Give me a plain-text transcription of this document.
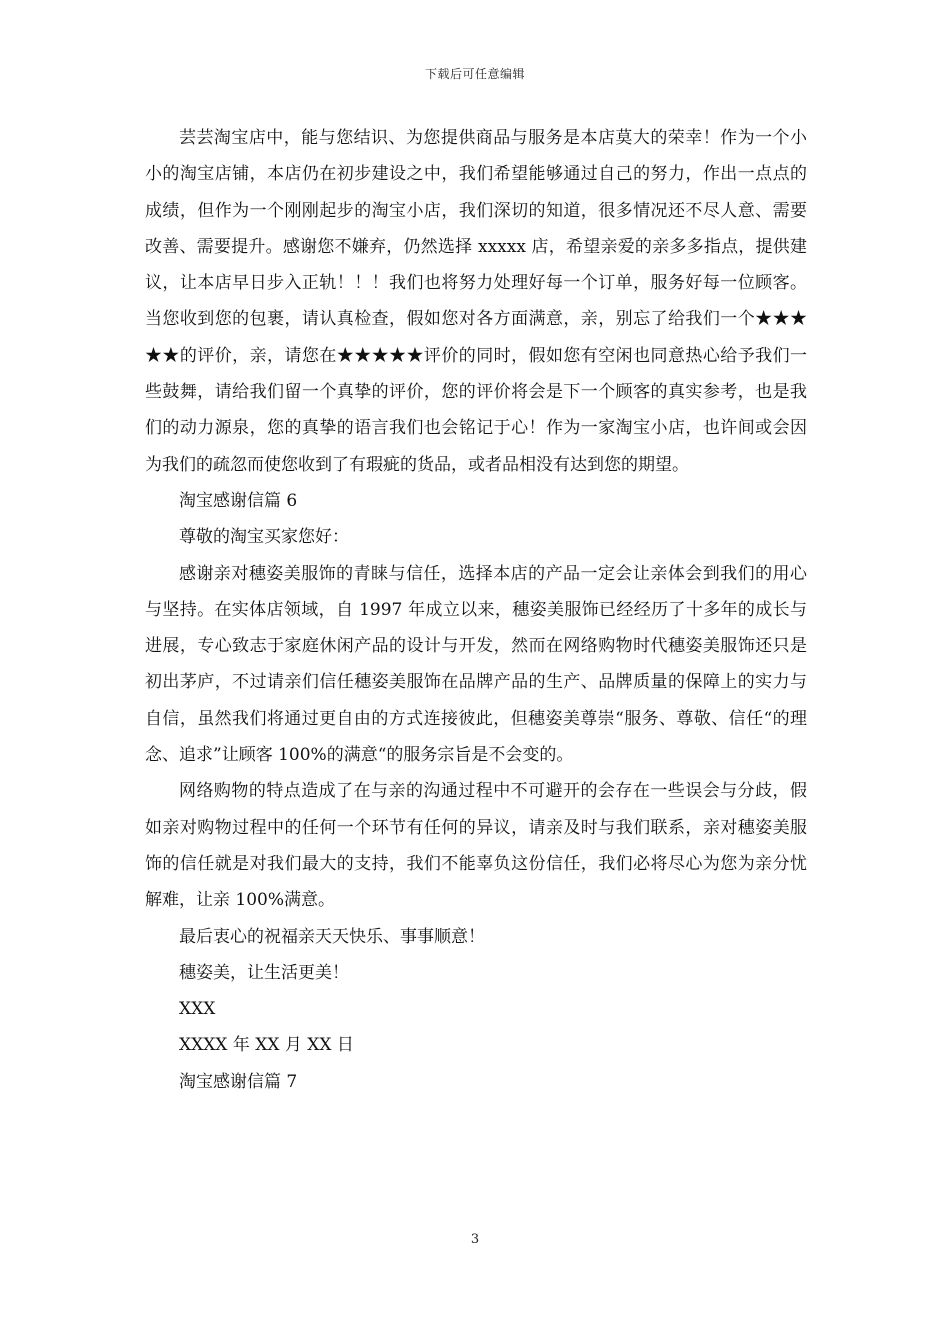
下载后可任意编辑

芸芸淘宝店中，能与您结识、为您提供商品与服务是本店莫大的荣幸！作为一个小小的淘宝店铺，本店仍在初步建设之中，我们希望能够通过自己的努力，作出一点点的成绩，但作为一个刚刚起步的淘宝小店，我们深切的知道，很多情况还不尽人意、需要改善、需要提升。感谢您不嫌弃，仍然选择 xxxxx 店，希望亲爱的亲多多指点，提供建议，让本店早日步入正轨！！！我们也将努力处理好每一个订单，服务好每一位顾客。当您收到您的包裹，请认真检查，假如您对各方面满意，亲，别忘了给我们一个★★★★★的评价，亲，请您在★★★★★评价的同时，假如您有空闲也同意热心给予我们一些鼓舞，请给我们留一个真挚的评价，您的评价将会是下一个顾客的真实参考，也是我们的动力源泉，您的真挚的语言我们也会铭记于心！作为一家淘宝小店，也许间或会因为我们的疏忽而使您收到了有瑕疵的货品，或者品相没有达到您的期望。

淘宝感谢信篇 6

尊敬的淘宝买家您好：

感谢亲对穗姿美服饰的青睐与信任，选择本店的产品一定会让亲体会到我们的用心与坚持。在实体店领域，自 1997 年成立以来，穗姿美服饰已经经历了十多年的成长与进展，专心致志于家庭休闲产品的设计与开发，然而在网络购物时代穗姿美服饰还只是初出茅庐，不过请亲们信任穗姿美服饰在品牌产品的生产、品牌质量的保障上的实力与自信，虽然我们将通过更自由的方式连接彼此，但穗姿美尊崇“服务、尊敬、信任“的理念、追求”让顾客 100%的满意“的服务宗旨是不会变的。

网络购物的特点造成了在与亲的沟通过程中不可避开的会存在一些误会与分歧，假如亲对购物过程中的任何一个环节有任何的异议，请亲及时与我们联系，亲对穗姿美服饰的信任就是对我们最大的支持，我们不能辜负这份信任，我们必将尽心为您为亲分忧解难，让亲 100%满意。

最后衷心的祝福亲天天快乐、事事顺意！

穗姿美，让生活更美！

XXX

XXXX 年 XX 月 XX 日

淘宝感谢信篇 7

3
